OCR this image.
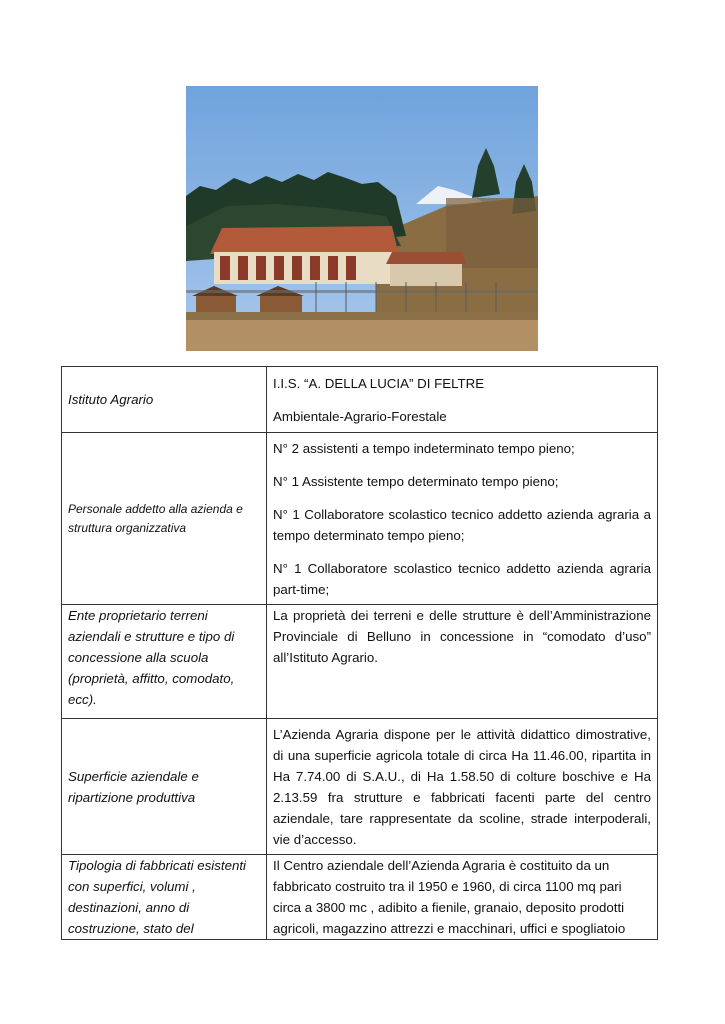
Istituto Agrario	I.I.S. “A. DELLA LUCIA” DI FELTRE

Ambientale-Agrario-Forestale

Personale addetto alla azienda e struttura organizzativa	N° 2 assistenti a tempo indeterminato tempo pieno;

N° 1 Assistente tempo determinato tempo pieno;

N° 1 Collaboratore scolastico tecnico addetto azienda agraria a tempo determinato tempo pieno;

N° 1 Collaboratore scolastico tecnico addetto azienda agraria part-time;

Ente proprietario terreni aziendali e strutture e tipo di concessione alla scuola (proprietà, affitto, comodato, ecc).	La proprietà dei terreni e delle strutture è dell’Amministrazione Provinciale di Belluno in concessione in “comodato d’uso” all’Istituto Agrario.

Superficie aziendale e ripartizione produttiva	L’Azienda Agraria dispone per le attività didattico dimostrative, di una superficie agricola totale di circa Ha 11.46.00, ripartita in Ha 7.74.00 di S.A.U., di Ha 1.58.50 di colture boschive e Ha 2.13.59 fra strutture e fabbricati facenti parte del centro aziendale, tare rappresentate da scoline, strade interpoderali, vie d’accesso.

Tipologia di fabbricati esistenti con superfici, volumi , destinazioni, anno di costruzione, stato del	Il Centro aziendale dell’Azienda Agraria è costituito da un fabbricato costruito tra il 1950 e 1960, di circa 1100 mq pari circa a 3800 mc , adibito a fienile, granaio, deposito prodotti agricoli, magazzino attrezzi e macchinari, uffici e spogliatoio
